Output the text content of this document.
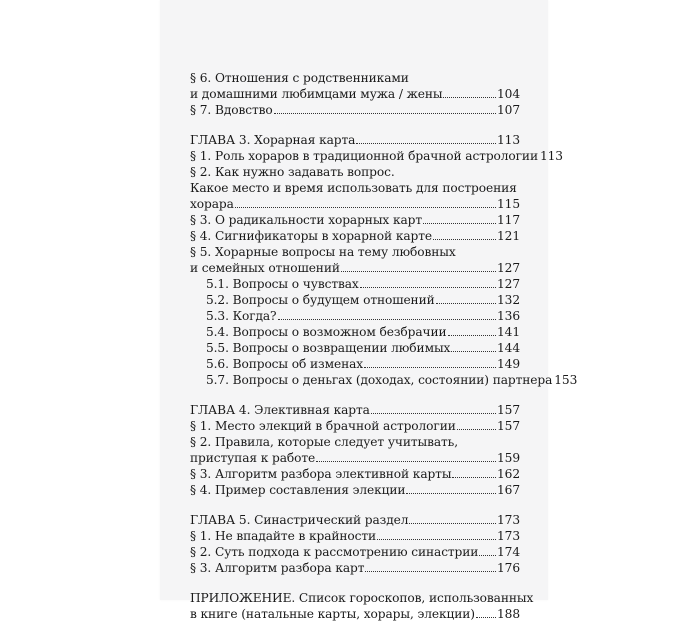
§ 6. Отношения с родственниками
и домашними любимцами мужа / жены	104
§ 7. Вдовство	107
ГЛАВА 3. Хорарная карта	113
§ 1. Роль хораров в традиционной брачной астрологии 113
§ 2. Как нужно задавать вопрос.
Какое место и время использовать для построения
хорара	115
§ 3. О радикальности хорарных карт	117
§ 4. Сигнификаторы в хорарной карте	121
§ 5. Хорарные вопросы на тему любовных
и семейных отношений	127
5.1. Вопросы о чувствах	127
5.2. Вопросы о будущем отношений	132
5.3. Когда?	136
5.4. Вопросы о возможном безбрачии	141
5.5. Вопросы о возвращении любимых	144
5.6. Вопросы об изменах	149
5.7. Вопросы о деньгах (доходах, состоянии) партнера 153
ГЛАВА 4. Элективная карта	157
§ 1. Место элекций в брачной астрологии	157
§ 2. Правила, которые следует учитывать,
приступая к работе	159
§ 3. Алгоритм разбора элективной карты	162
§ 4. Пример составления элекции	167
ГЛАВА 5. Синастрический раздел	173
§ 1. Не впадайте в крайности	173
§ 2. Суть подхода к рассмотрению синастрии 174
§ 3. Алгоритм разбора карт	176
ПРИЛОЖЕНИЕ. Список гороскопов, использованных
в книге (натальные карты, хорары, элекции) 188
